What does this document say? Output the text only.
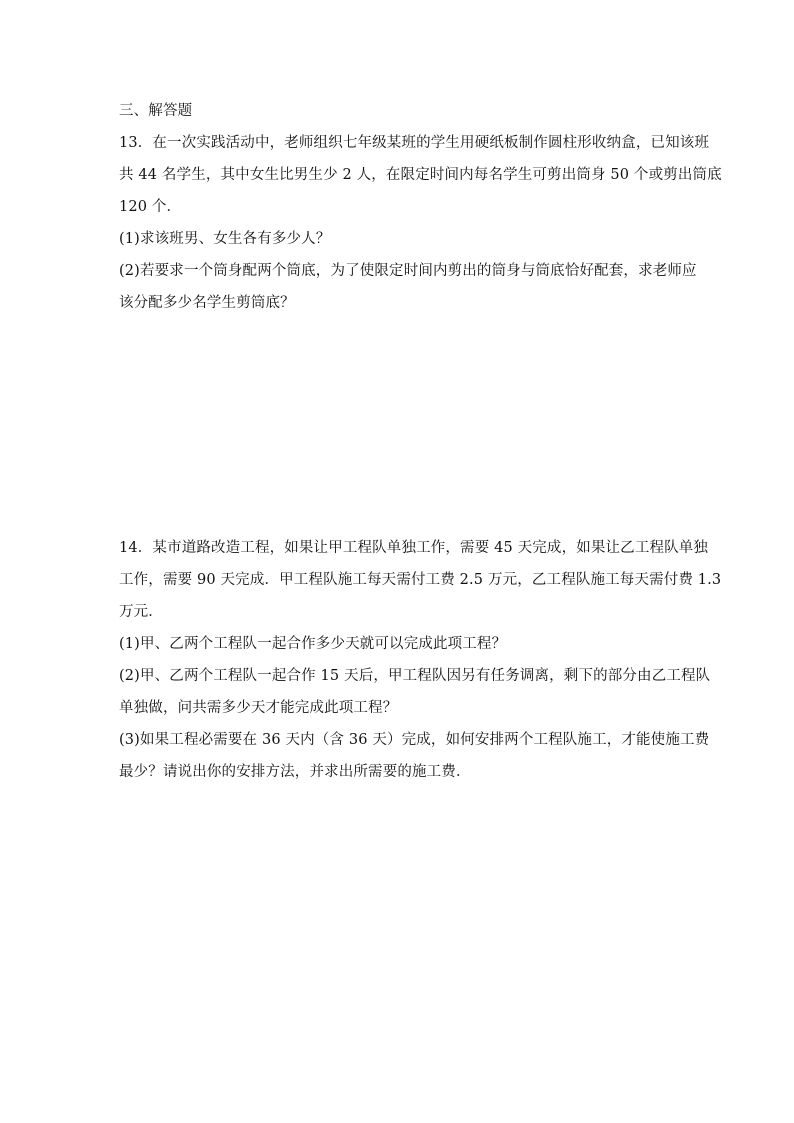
三、解答题
13．在一次实践活动中，老师组织七年级某班的学生用硬纸板制作圆柱形收纳盒，已知该班
共 44 名学生，其中女生比男生少 2 人，在限定时间内每名学生可剪出筒身 50 个或剪出筒底
120 个．
(1)求该班男、女生各有多少人？
(2)若要求一个筒身配两个筒底，为了使限定时间内剪出的筒身与筒底恰好配套，求老师应
该分配多少名学生剪筒底？
14．某市道路改造工程，如果让甲工程队单独工作，需要 45 天完成，如果让乙工程队单独
工作，需要 90 天完成．甲工程队施工每天需付工费 2.5 万元，乙工程队施工每天需付费 1.3
万元．
(1)甲、乙两个工程队一起合作多少天就可以完成此项工程？
(2)甲、乙两个工程队一起合作 15 天后，甲工程队因另有任务调离，剩下的部分由乙工程队
单独做，问共需多少天才能完成此项工程？
(3)如果工程必需要在 36 天内（含 36 天）完成，如何安排两个工程队施工，才能使施工费
最少？请说出你的安排方法，并求出所需要的施工费．
